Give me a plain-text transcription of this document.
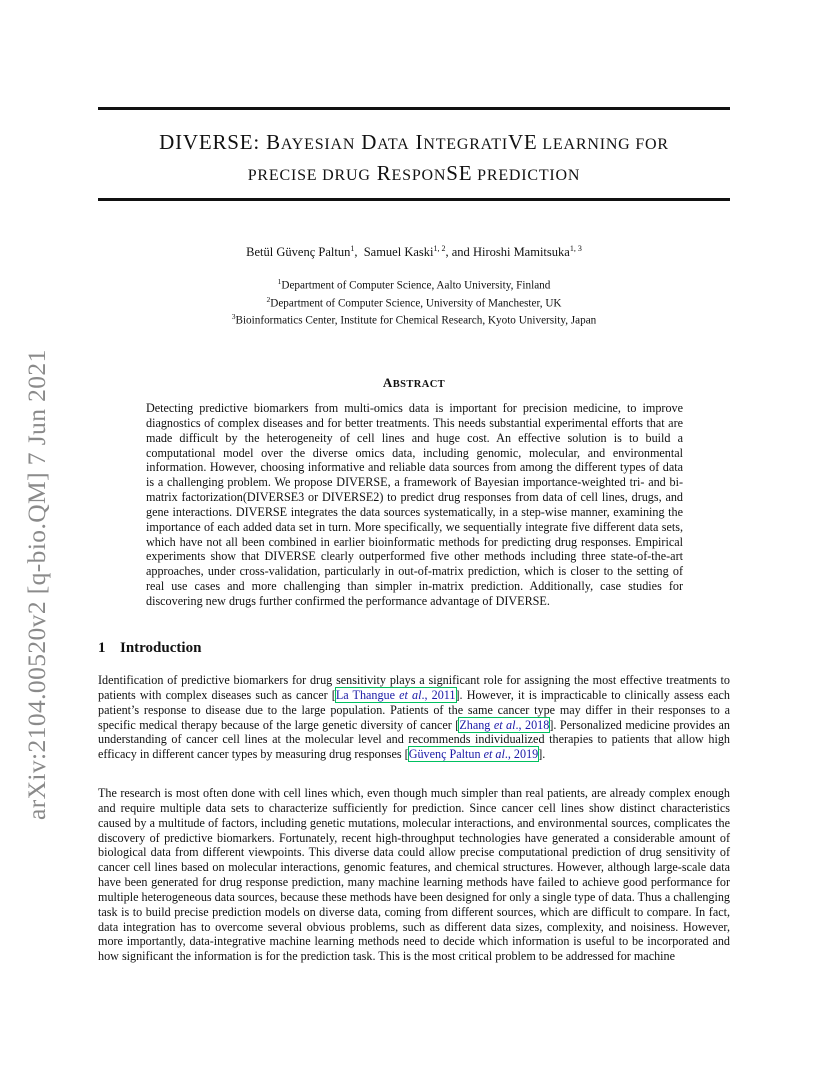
arXiv:2104.00520v2 [q-bio.QM] 7 Jun 2021
DIVERSE: BAYESIAN DATA INTEGRATIVE LEARNING FOR
PRECISE DRUG RESPONSE PREDICTION
Betül Güvenç Paltun$^1$,  Samuel Kaski$^{1, 2}$, and Hiroshi Mamitsuka$^{1, 3}$
$^1$Department of Computer Science, Aalto University, Finland
$^2$Department of Computer Science, University of Manchester, UK
$^3$Bioinformatics Center, Institute for Chemical Research, Kyoto University, Japan
ABSTRACT
Detecting predictive biomarkers from multi-omics data is important for precision medicine, to improve diagnostics of complex diseases and for better treatments. This needs substantial experimental efforts that are made difficult by the heterogeneity of cell lines and huge cost. An effective solution is to build a computational model over the diverse omics data, including genomic, molecular, and environmental information. However, choosing informative and reliable data sources from among the different types of data is a challenging problem. We propose DIVERSE, a framework of Bayesian importance-weighted tri- and bi-matrix factorization(DIVERSE3 or DIVERSE2) to predict drug responses from data of cell lines, drugs, and gene interactions. DIVERSE integrates the data sources systematically, in a step-wise manner, examining the importance of each added data set in turn. More specifically, we sequentially integrate five different data sets, which have not all been combined in earlier bioinformatic methods for predicting drug responses. Empirical experiments show that DIVERSE clearly outperformed five other methods including three state-of-the-art approaches, under cross-validation, particularly in out-of-matrix prediction, which is closer to the setting of real use cases and more challenging than simpler in-matrix prediction. Additionally, case studies for discovering new drugs further confirmed the performance advantage of DIVERSE.
1 Introduction
Identification of predictive biomarkers for drug sensitivity plays a significant role for assigning the most effective treatments to patients with complex diseases such as cancer [La Thangue et al., 2011]. However, it is impracticable to clinically assess each patient’s response to disease due to the large population. Patients of the same cancer type may differ in their responses to a specific medical therapy because of the large genetic diversity of cancer [Zhang et al., 2018]. Personalized medicine provides an understanding of cancer cell lines at the molecular level and recommends individualized therapies to patients that allow high efficacy in different cancer types by measuring drug responses [Güvenç Paltun et al., 2019].
The research is most often done with cell lines which, even though much simpler than real patients, are already complex enough and require multiple data sets to characterize sufficiently for prediction. Since cancer cell lines show distinct characteristics caused by a multitude of factors, including genetic mutations, molecular interactions, and environmental sources, complicates the discovery of predictive biomarkers. Fortunately, recent high-throughput technologies have generated a considerable amount of biological data from different viewpoints. This diverse data could allow precise computational prediction of drug sensitivity of cancer cell lines based on molecular interactions, genomic features, and chemical structures. However, although large-scale data have been generated for drug response prediction, many machine learning methods have failed to achieve good performance for multiple heterogeneous data sources, because these methods have been designed for only a single type of data. Thus a challenging task is to build precise prediction models on diverse data, coming from different sources, which are difficult to compare. In fact, data integration has to overcome several obvious problems, such as different data sizes, complexity, and noisiness. However, more importantly, data-integrative machine learning methods need to decide which information is useful to be incorporated and how significant the information is for the prediction task. This is the most critical problem to be addressed for machine
